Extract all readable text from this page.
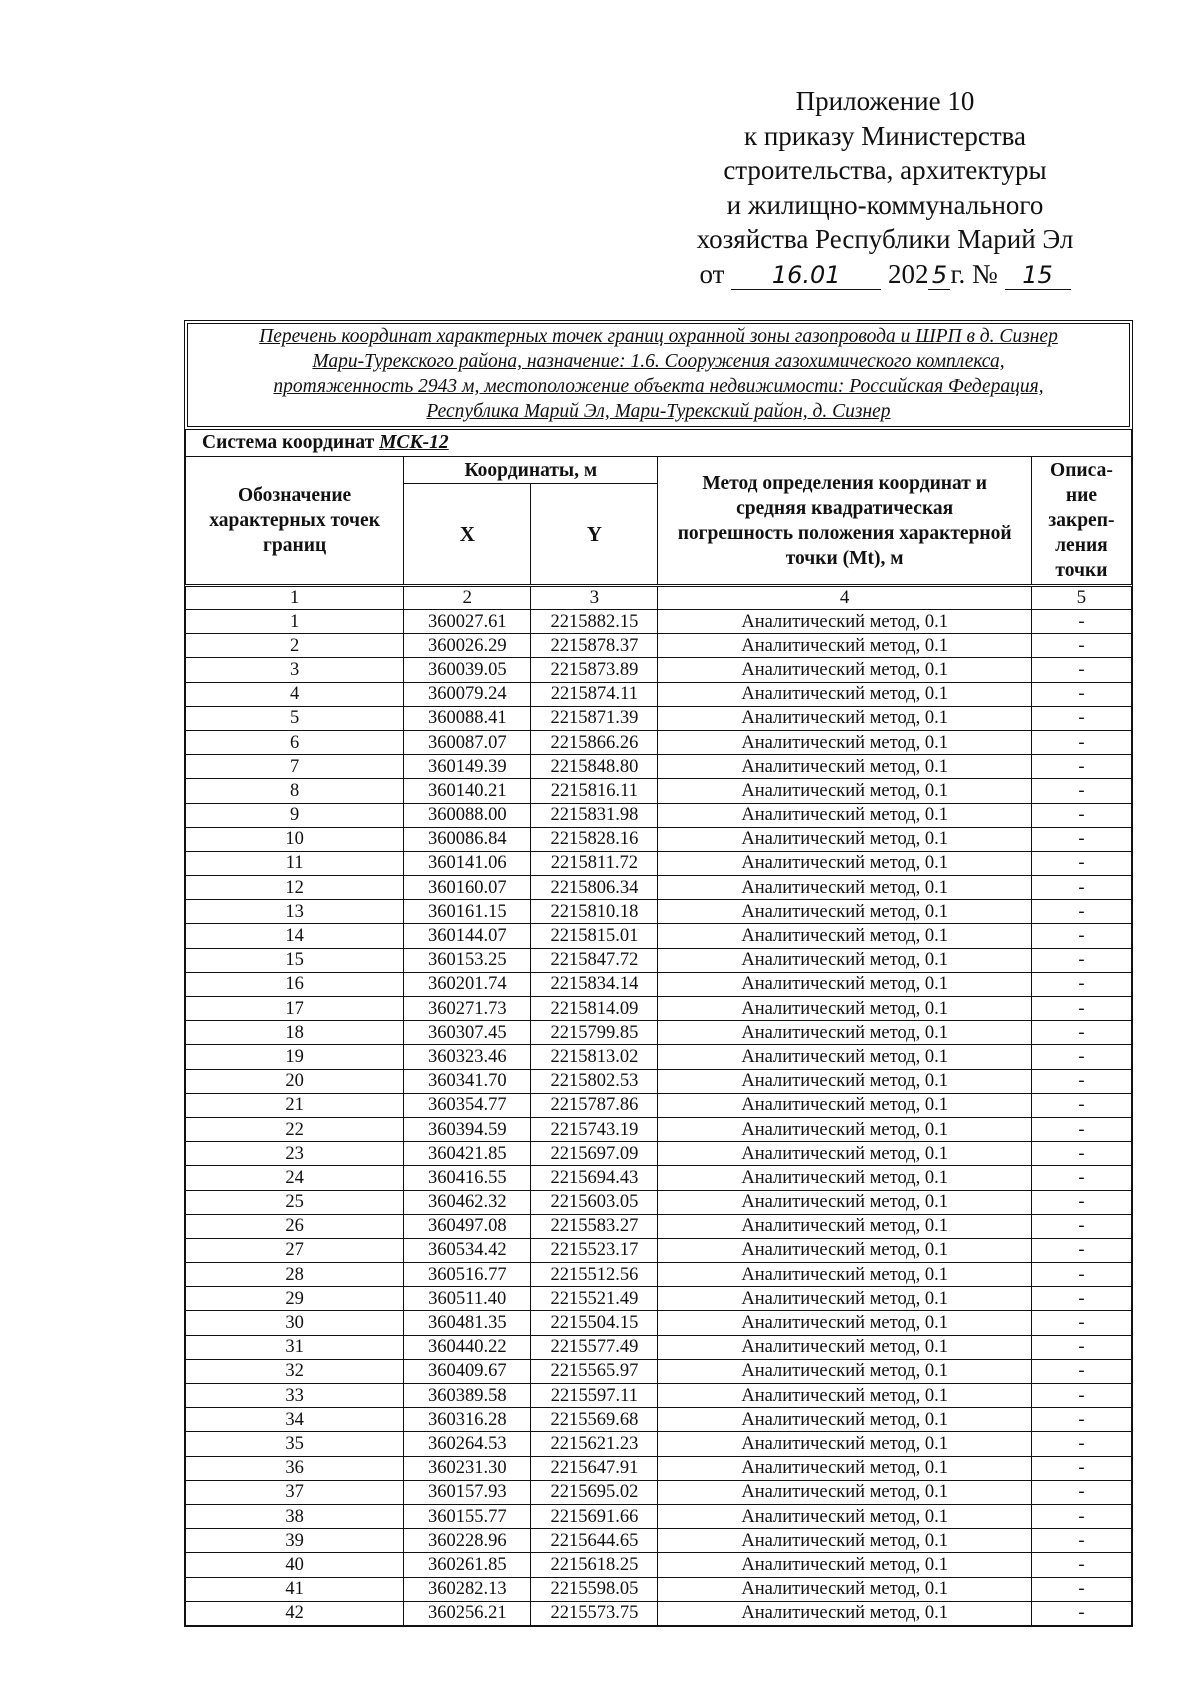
Приложение 10
к приказу Министерства
строительства, архитектуры
и жилищно-коммунального
хозяйства Республики Марий Эл
от 16.01 202 5 г. № 15
Перечень координат характерных точек границ охранной зоны газопровода и ШРП в д. Сизнер
Мари-Турекского района, назначение: 1.6. Сооружения газохимического комплекса,
протяженность 2943 м, местоположение объекта недвижимости: Российская Федерация,
Республика Марий Эл, Мари-Турекский район, д. Сизнер
Система координат МСК-12				
Обозначение характерных точек границ	Координаты, м		Метод определения координат и средняя квадратическая погрешность положения характерной точки (Mt), м	Описа-ние закреп-ления точки
	X	Y		
1	2	3	4	5
1	360027.61	2215882.15	Аналитический метод, 0.1	-
2	360026.29	2215878.37	Аналитический метод, 0.1	-
3	360039.05	2215873.89	Аналитический метод, 0.1	-
4	360079.24	2215874.11	Аналитический метод, 0.1	-
5	360088.41	2215871.39	Аналитический метод, 0.1	-
6	360087.07	2215866.26	Аналитический метод, 0.1	-
7	360149.39	2215848.80	Аналитический метод, 0.1	-
8	360140.21	2215816.11	Аналитический метод, 0.1	-
9	360088.00	2215831.98	Аналитический метод, 0.1	-
10	360086.84	2215828.16	Аналитический метод, 0.1	-
11	360141.06	2215811.72	Аналитический метод, 0.1	-
12	360160.07	2215806.34	Аналитический метод, 0.1	-
13	360161.15	2215810.18	Аналитический метод, 0.1	-
14	360144.07	2215815.01	Аналитический метод, 0.1	-
15	360153.25	2215847.72	Аналитический метод, 0.1	-
16	360201.74	2215834.14	Аналитический метод, 0.1	-
17	360271.73	2215814.09	Аналитический метод, 0.1	-
18	360307.45	2215799.85	Аналитический метод, 0.1	-
19	360323.46	2215813.02	Аналитический метод, 0.1	-
20	360341.70	2215802.53	Аналитический метод, 0.1	-
21	360354.77	2215787.86	Аналитический метод, 0.1	-
22	360394.59	2215743.19	Аналитический метод, 0.1	-
23	360421.85	2215697.09	Аналитический метод, 0.1	-
24	360416.55	2215694.43	Аналитический метод, 0.1	-
25	360462.32	2215603.05	Аналитический метод, 0.1	-
26	360497.08	2215583.27	Аналитический метод, 0.1	-
27	360534.42	2215523.17	Аналитический метод, 0.1	-
28	360516.77	2215512.56	Аналитический метод, 0.1	-
29	360511.40	2215521.49	Аналитический метод, 0.1	-
30	360481.35	2215504.15	Аналитический метод, 0.1	-
31	360440.22	2215577.49	Аналитический метод, 0.1	-
32	360409.67	2215565.97	Аналитический метод, 0.1	-
33	360389.58	2215597.11	Аналитический метод, 0.1	-
34	360316.28	2215569.68	Аналитический метод, 0.1	-
35	360264.53	2215621.23	Аналитический метод, 0.1	-
36	360231.30	2215647.91	Аналитический метод, 0.1	-
37	360157.93	2215695.02	Аналитический метод, 0.1	-
38	360155.77	2215691.66	Аналитический метод, 0.1	-
39	360228.96	2215644.65	Аналитический метод, 0.1	-
40	360261.85	2215618.25	Аналитический метод, 0.1	-
41	360282.13	2215598.05	Аналитический метод, 0.1	-
42	360256.21	2215573.75	Аналитический метод, 0.1	-
